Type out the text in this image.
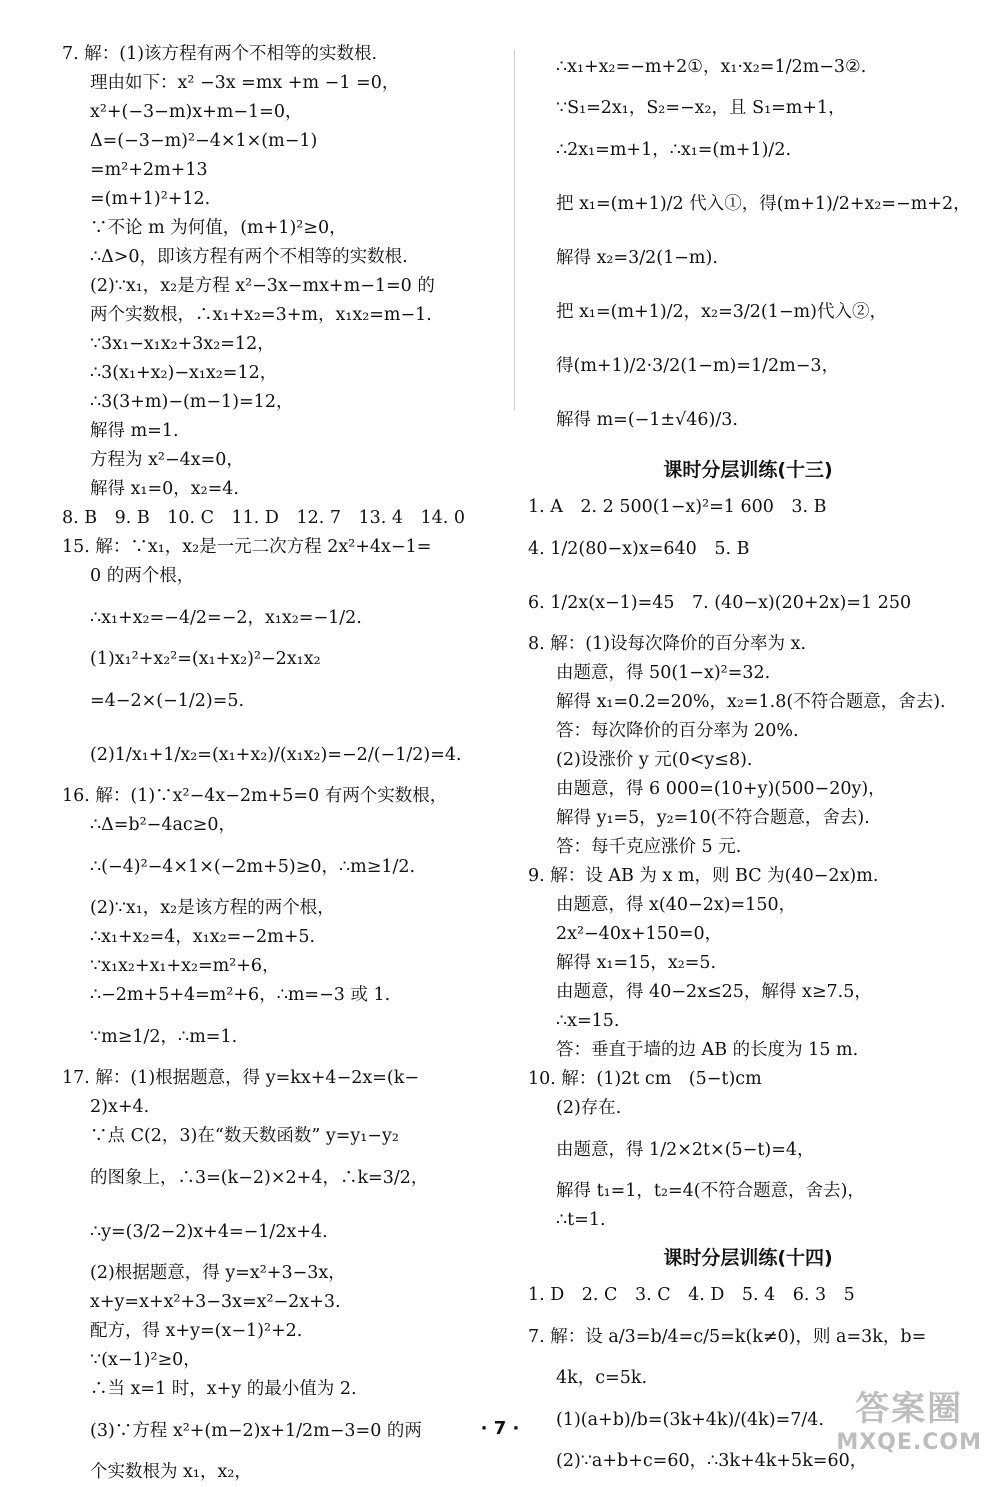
7. 解：(1)该方程有两个不相等的实数根.
理由如下：x² −3x =mx +m −1 =0，
x²+(−3−m)x+m−1=0，
Δ=(−3−m)²−4×1×(m−1)
=m²+2m+13
=(m+1)²+12.
∵不论 m 为何值，(m+1)²≥0，
∴Δ>0，即该方程有两个不相等的实数根.
(2)∵x₁，x₂是方程 x²−3x−mx+m−1=0 的
两个实数根，∴x₁+x₂=3+m，x₁x₂=m−1.
∵3x₁−x₁x₂+3x₂=12，
∴3(x₁+x₂)−x₁x₂=12，
∴3(3+m)−(m−1)=12，
解得 m=1.
方程为 x²−4x=0，
解得 x₁=0，x₂=4.
8. B　9. B　10. C　11. D　12. 7　13. 4　14. 0
15. 解：∵x₁，x₂是一元二次方程 2x²+4x−1=
0 的两个根，
∴x₁+x₂=−4/2=−2，x₁x₂=−1/2.
(1)x₁²+x₂²=(x₁+x₂)²−2x₁x₂
=4−2×(−1/2)=5.
(2)1/x₁+1/x₂=(x₁+x₂)/(x₁x₂)=−2/(−1/2)=4.
16. 解：(1)∵x²−4x−2m+5=0 有两个实数根，
∴Δ=b²−4ac≥0，
∴(−4)²−4×1×(−2m+5)≥0，∴m≥1/2.
(2)∵x₁，x₂是该方程的两个根，
∴x₁+x₂=4，x₁x₂=−2m+5.
∵x₁x₂+x₁+x₂=m²+6，
∴−2m+5+4=m²+6，∴m=−3 或 1.
∵m≥1/2，∴m=1.
17. 解：(1)根据题意，得 y=kx+4−2x=(k−
2)x+4.
∵点 C(2，3)在“数天数函数” y=y₁−y₂
的图象上，∴3=(k−2)×2+4，∴k=3/2，
∴y=(3/2−2)x+4=−1/2x+4.
(2)根据题意，得 y=x²+3−3x，
x+y=x+x²+3−3x=x²−2x+3.
配方，得 x+y=(x−1)²+2.
∵(x−1)²≥0，
∴当 x=1 时，x+y 的最小值为 2.
(3)∵方程 x²+(m−2)x+1/2m−3=0 的两
个实数根为 x₁，x₂，
∴x₁+x₂=−m+2①，x₁·x₂=1/2m−3②.
∵S₁=2x₁，S₂=−x₂，且 S₁=m+1，
∴2x₁=m+1，∴x₁=(m+1)/2.
把 x₁=(m+1)/2 代入①，得(m+1)/2+x₂=−m+2，
解得 x₂=3/2(1−m).
把 x₁=(m+1)/2，x₂=3/2(1−m)代入②，
得(m+1)/2·3/2(1−m)=1/2m−3，
解得 m=(−1±√46)/3.
课时分层训练(十三)
1. A　2. 2 500(1−x)²=1 600　3. B
4. 1/2(80−x)x=640　5. B
6. 1/2x(x−1)=45　7. (40−x)(20+2x)=1 250
8. 解：(1)设每次降价的百分率为 x.
由题意，得 50(1−x)²=32.
解得 x₁=0.2=20%，x₂=1.8(不符合题意，舍去).
答：每次降价的百分率为 20%.
(2)设涨价 y 元(0<y≤8).
由题意，得 6 000=(10+y)(500−20y)，
解得 y₁=5，y₂=10(不符合题意，舍去).
答：每千克应涨价 5 元.
9. 解：设 AB 为 x m，则 BC 为(40−2x)m.
由题意，得 x(40−2x)=150，
2x²−40x+150=0，
解得 x₁=15，x₂=5.
由题意，得 40−2x≤25，解得 x≥7.5，
∴x=15.
答：垂直于墙的边 AB 的长度为 15 m.
10. 解：(1)2t cm　(5−t)cm
(2)存在.
由题意，得 1/2×2t×(5−t)=4，
解得 t₁=1，t₂=4(不符合题意，舍去)，
∴t=1.
课时分层训练(十四)
1. D　2. C　3. C　4. D　5. 4　6. 3　5
7. 解：设 a/3=b/4=c/5=k(k≠0)，则 a=3k，b=
4k，c=5k.
(1)(a+b)/b=(3k+4k)/(4k)=7/4.
(2)∵a+b+c=60，∴3k+4k+5k=60，
· 7 ·	答案圈
MXQE.COM
